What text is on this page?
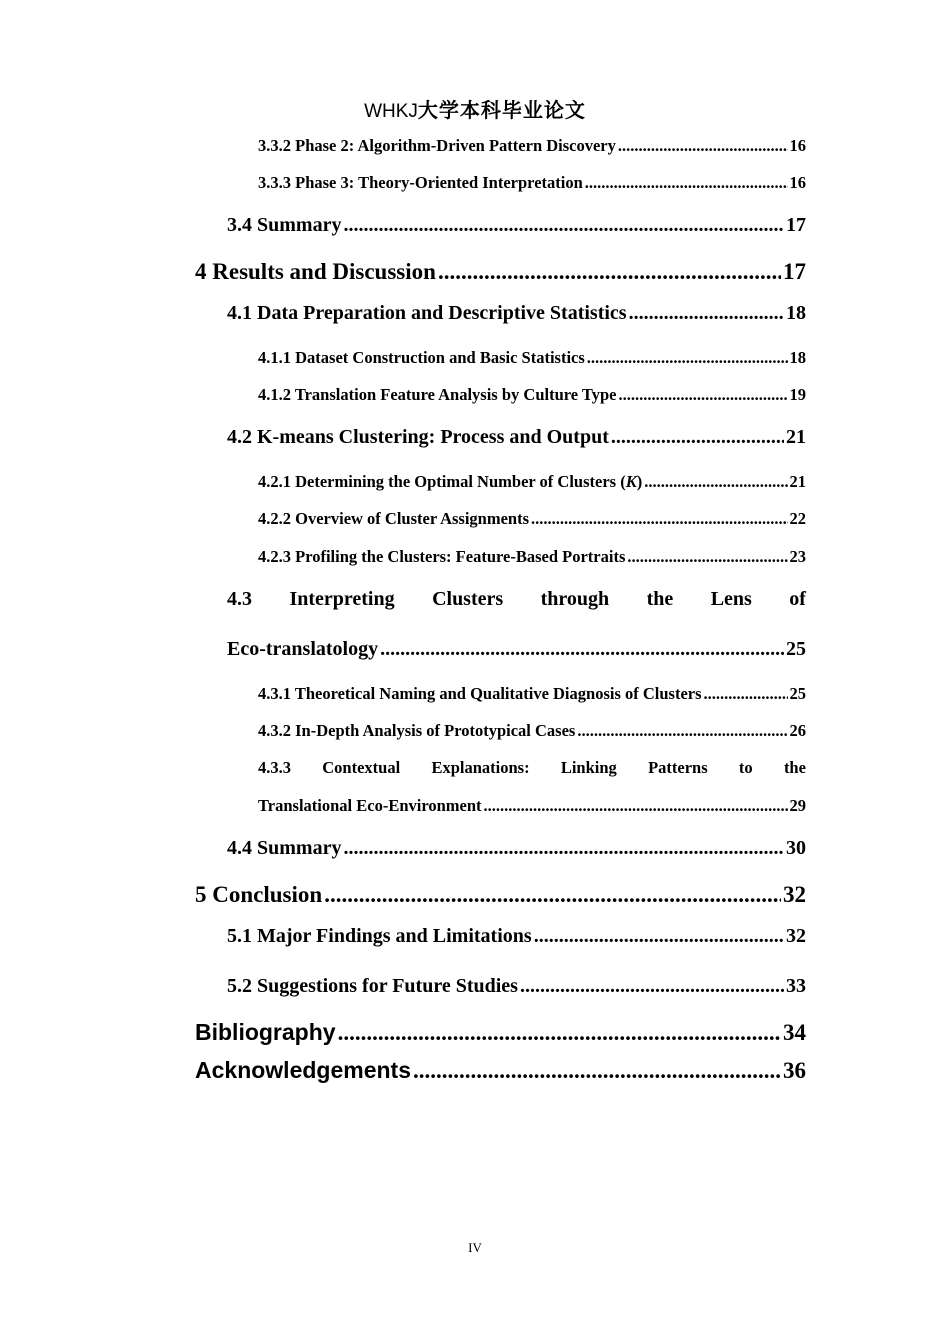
WHKJ大学本科毕业论文
3.3.2 Phase 2: Algorithm-Driven Pattern Discovery .....	16
3.3.3 Phase 3: Theory-Oriented Interpretation .....	16
3.4 Summary .....	17
4 Results and Discussion .....	17
4.1 Data Preparation and Descriptive Statistics .....	18
4.1.1 Dataset Construction and Basic Statistics .....	18
4.1.2 Translation Feature Analysis by Culture Type .....	19
4.2 K-means Clustering: Process and Output .....	21
4.2.1 Determining the Optimal Number of Clusters (K) .....	21
4.2.2 Overview of Cluster Assignments .....	22
4.2.3 Profiling the Clusters: Feature-Based Portraits .....	23
4.3 Interpreting Clusters through the Lens of
Eco-translatology .....	25
4.3.1 Theoretical Naming and Qualitative Diagnosis of Clusters .....	25
4.3.2 In-Depth Analysis of Prototypical Cases .....	26
4.3.3 Contextual Explanations: Linking Patterns to the
Translational Eco-Environment .....	29
4.4 Summary .....	30
5 Conclusion .....	32
5.1 Major Findings and Limitations .....	32
5.2 Suggestions for Future Studies .....	33
Bibliography .....	34
Acknowledgements .....	36
IV
